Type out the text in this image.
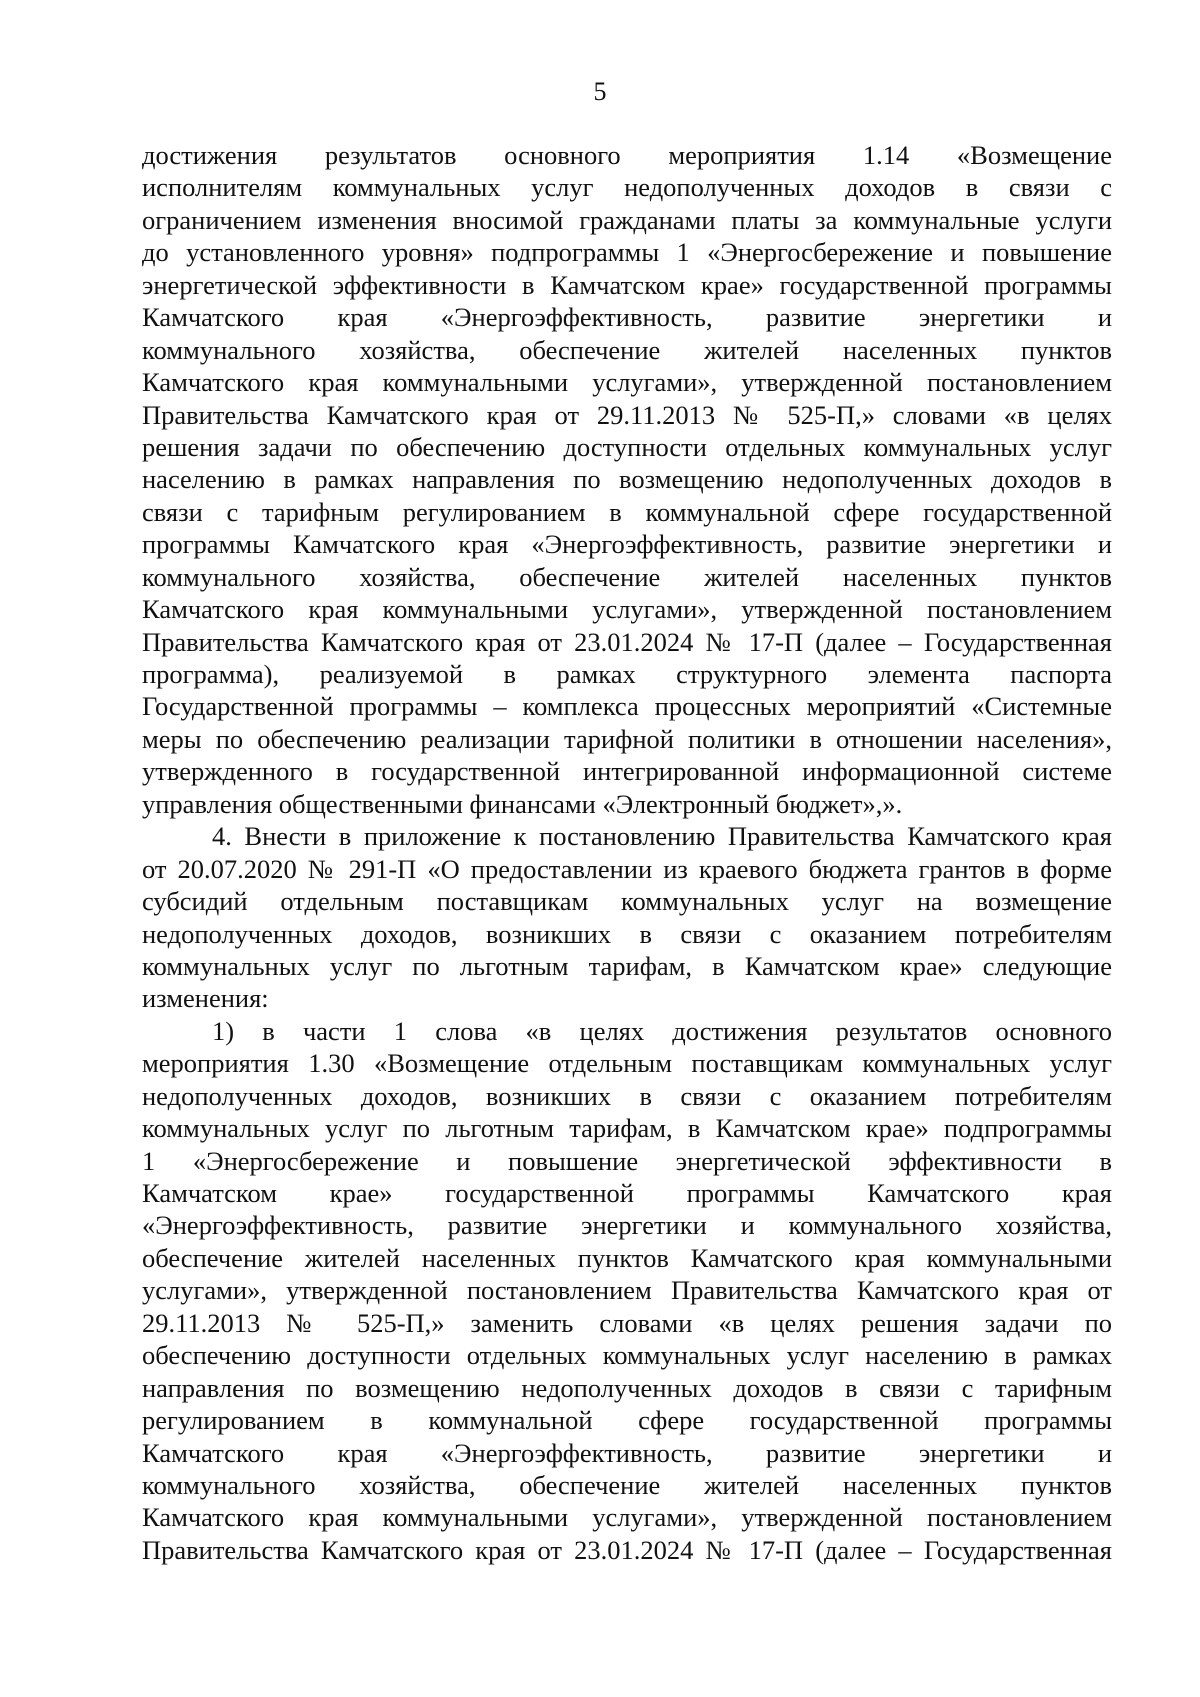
5
достижения результатов основного мероприятия 1.14 «Возмещение
исполнителям коммунальных услуг недополученных доходов в связи с
ограничением изменения вносимой гражданами платы за коммунальные услуги
до установленного уровня» подпрограммы 1 «Энергосбережение и повышение
энергетической эффективности в Камчатском крае» государственной программы
Камчатского края «Энергоэффективность, развитие энергетики и
коммунального хозяйства, обеспечение жителей населенных пунктов
Камчатского края коммунальными услугами», утвержденной постановлением
Правительства Камчатского края от 29.11.2013 № 525-П,» словами «в целях
решения задачи по обеспечению доступности отдельных коммунальных услуг
населению в рамках направления по возмещению недополученных доходов в
связи с тарифным регулированием в коммунальной сфере государственной
программы Камчатского края «Энергоэффективность, развитие энергетики и
коммунального хозяйства, обеспечение жителей населенных пунктов
Камчатского края коммунальными услугами», утвержденной постановлением
Правительства Камчатского края от 23.01.2024 № 17-П (далее – Государственная
программа), реализуемой в рамках структурного элемента паспорта
Государственной программы – комплекса процессных мероприятий «Системные
меры по обеспечению реализации тарифной политики в отношении населения»,
утвержденного в государственной интегрированной информационной системе
управления общественными финансами «Электронный бюджет»,».
4. Внести в приложение к постановлению Правительства Камчатского края
от 20.07.2020 № 291-П «О предоставлении из краевого бюджета грантов в форме
субсидий отдельным поставщикам коммунальных услуг на возмещение
недополученных доходов, возникших в связи с оказанием потребителям
коммунальных услуг по льготным тарифам, в Камчатском крае» следующие
изменения:
1) в части 1 слова «в целях достижения результатов основного
мероприятия 1.30 «Возмещение отдельным поставщикам коммунальных услуг
недополученных доходов, возникших в связи с оказанием потребителям
коммунальных услуг по льготным тарифам, в Камчатском крае» подпрограммы
1 «Энергосбережение и повышение энергетической эффективности в
Камчатском крае» государственной программы Камчатского края
«Энергоэффективность, развитие энергетики и коммунального хозяйства,
обеспечение жителей населенных пунктов Камчатского края коммунальными
услугами», утвержденной постановлением Правительства Камчатского края от
29.11.2013 № 525-П,» заменить словами «в целях решения задачи по
обеспечению доступности отдельных коммунальных услуг населению в рамках
направления по возмещению недополученных доходов в связи с тарифным
регулированием в коммунальной сфере государственной программы
Камчатского края «Энергоэффективность, развитие энергетики и
коммунального хозяйства, обеспечение жителей населенных пунктов
Камчатского края коммунальными услугами», утвержденной постановлением
Правительства Камчатского края от 23.01.2024 № 17-П (далее – Государственная
